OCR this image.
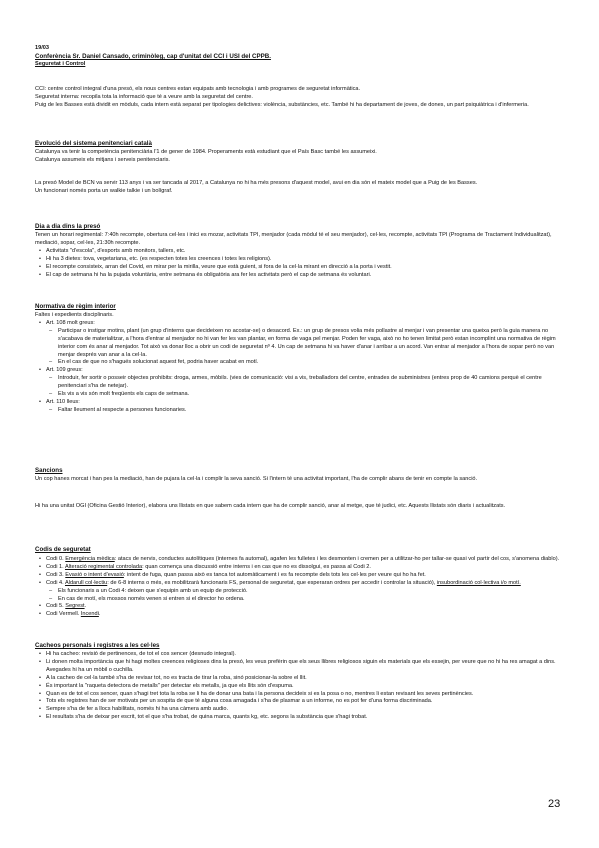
19/03

Conferència Sr. Daniel Cansado, criminòleg, cap d'unitat del CCI i USI del CPPB.

Seguretat i Control

CCI: centre control integral d'una presó, els nous centres estan equipats amb tecnologia i amb programes de seguretat informàtica.

Seguretat interna: recopila tota la informació que té a veure amb la seguretat del centre.

Puig de les Basses està dividit en mòduls, cada intern està separat per tipologies delictives: violència, substàncies, etc. També hi ha departament de joves, de dones, un part psiquiàtrica i d'infermeria.

Evolució del sistema penitenciari català

Catalunya va tenir la competència penitenciària l'1 de gener de 1984. Properaments està estudiant que el País Basc també les assumeixi.

Catalunya assumeix els mitjans i serveis penitenciaris.

La presó Model de BCN va servir 113 anys i va ser tancada al 2017, a Catalunya no hi ha més presons d'aquest model, avui en dia són el mateix model que a Puig de les Basses.

Un funcionari només porta un walkie talkie i un bolígraf.

Dia a dia dins la presó

Tenen un horari regimental: 7:40h recompte, obertura cel·les i inici es mozar, activitats TPI, menjador (cada mòdul té el seu menjador), cel·les, recompte, activitats TPI (Programa de Tractament Individualitzat), mediació, sopar, cel·les, 21:30h recompte.

• Activitats "d'escola", d'esports amb monitors, tallers, etc.
• Hi ha 3 dietes: tova, vegetariana, etc. (es respecten totes les creences i totes les religions).
• El recompte consisteix, arran del Covid, en mirar per la mirilla, veure que està guient, si fora de la cel·la mirant en direcció a la porta i vestit.
• El cap de setmana hi ha la pujada voluntària, entre setmana és obligatòria ara fer les activitats però el cap de setmana és voluntari.
Normativa de règim interior

Faltes i expedients disciplinaris.

• Art. 108 molt greus:
– Participar o instigar motins, plant (un grup d'interns que decideixen no acostar-se) o desacord. Ex.: un grup de presos volia més pollastre al menjar i van presentar una queixa però la guia manera no s'acabava de materialitzar, a l'hora d'entrar al menjador no hi van fer les van plantar, en forma de vaga pel menjar. Poden fer vaga, això no ho tenen limitat però estan incomplint una normativa de règim interior com és anar al menjador. Tot això va donar lloc a obrir un codi de seguretat nº 4. Un cap de setmana hi va haver d'anar i arribar a un acord. Van entrar al menjador a l'hora de sopar però no van menjar després van anar a la cel·la.
– En el cas de que no s'hagués solucionat aquest fet, podria haver acabat en motí.
• Art. 109 greus:
– Introduir, fer sortir o posseir objectes prohibits: droga, armes, mòbils. (vies de comunicació: visi a vis, treballadors del centre, entrades de subministres (entres prop de 40 camions perquè el centre penitenciari s'ha de netejar).
– Els vis a vis són molt freqüents els caps de setmana.
• Art. 110 lleus:
– Faltar lleument al respecte a persones funcionaries.
Sancions

Un cop hanes morcat i han pes la mediació, han de pujara la cel·la i complir la seva sanció. Si l'intern té una activitat important, l'ha de complir abans de tenir en compte la sanció.

Hi ha una unitat OGI (Oficina Gestió Interior), elabora uns llistats en que sabem cada intern que ha de complir sanció, anar al metge, que té judici, etc. Aquests llistats són diaris i actualitzats.

Codis de seguretat
• Codi 0. Emergència mèdica: atacs de nervis, conductes autolítiques (internes fa automal), agafen les fulletes i les desmonten i cremen per a utilitzar-ho per tallar-se quasi vol partir del cos, s'anomena diablo).
• Codi 1. Alteració regimental controlada: quan comença una discussió entre interns i en cas que no es dissolgui, es passa al Codi 2.
• Codi 3. Evasió o intent d'evasió: intent de fuga, quan passa això es tanca tot automàticament i es fa recompte dels tots les cel·les per veure qui ho ha fet.
• Codi 4. Aldarull col·lectiu: de 6-8 interns o més, es mobilitzarà funcionaris FS, personal de seguretat, que esperaran ordres per accedir i controlar la situació), insubordinació col·lectiva i/o motí.
– Els funcionaris a un Codi 4: deixen que s'equipin amb un equip de protecció.
– En cas de motí, els mossos només venen si entren si el director ho ordena.
• Codi 5. Segrest.
• Codi Vermell. Incendi.
Cacheos personals i registres a les cel·les
• Hi ha cacheo: revisió de pertinences, de tot el cos sencer (desnudo integral).
• Li donen molta importància que hi hagi moltes creences religioses dins la presó, les veus prefèrin que els seus llibres religiosos siguin els materials que els essejin, per veure que no hi ha res amagat a dins. Avegades hi ha un mòbil o cuchilla.
• A la cacheo de cel·la també s'ha de revisar tot, no es tracta de tirar la roba, sinó posicionar-la sobre el llit.
• És important la "raqueta detectora de metalls" per detectar els metalls, ja que els llits són d'espuma.
• Quan es de tot el cos sencer, quan s'hagi tret tota la roba se li ha de donar una bata i la persona decideix si es la posa o no, mentres li estan revisant les seves pertinències.
• Tots els registres han de ser motivats per un sospita de que té alguna cosa amagada i s'ha de plasmar a un informe, no es pot fer d'una forma discriminada.
• Sempre s'ha de fer a llocs habilitats, només hi ha una càmera amb audio.
• El resultats s'ha de deixar per escrit, tot el que s'ha trobat, de quina marca, quants kg, etc. segons la substància que s'hagi trobat.
23
